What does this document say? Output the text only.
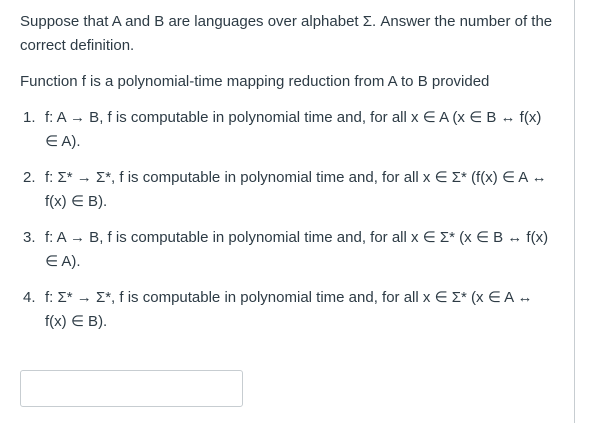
Suppose that A and B are languages over alphabet Σ. Answer the number of the correct definition.

Function f is a polynomial-time mapping reduction from A to B provided

1. f: A → B, f is computable in polynomial time and, for all x ∈ A (x ∈ B ↔ f(x) ∈ A).
2. f: Σ* → Σ*, f is computable in polynomial time and, for all x ∈ Σ* (f(x) ∈ A ↔ f(x) ∈ B).
3. f: A → B, f is computable in polynomial time and, for all x ∈ Σ* (x ∈ B ↔ f(x) ∈ A).
4. f: Σ* → Σ*, f is computable in polynomial time and, for all x ∈ Σ* (x ∈ A ↔ f(x) ∈ B).
